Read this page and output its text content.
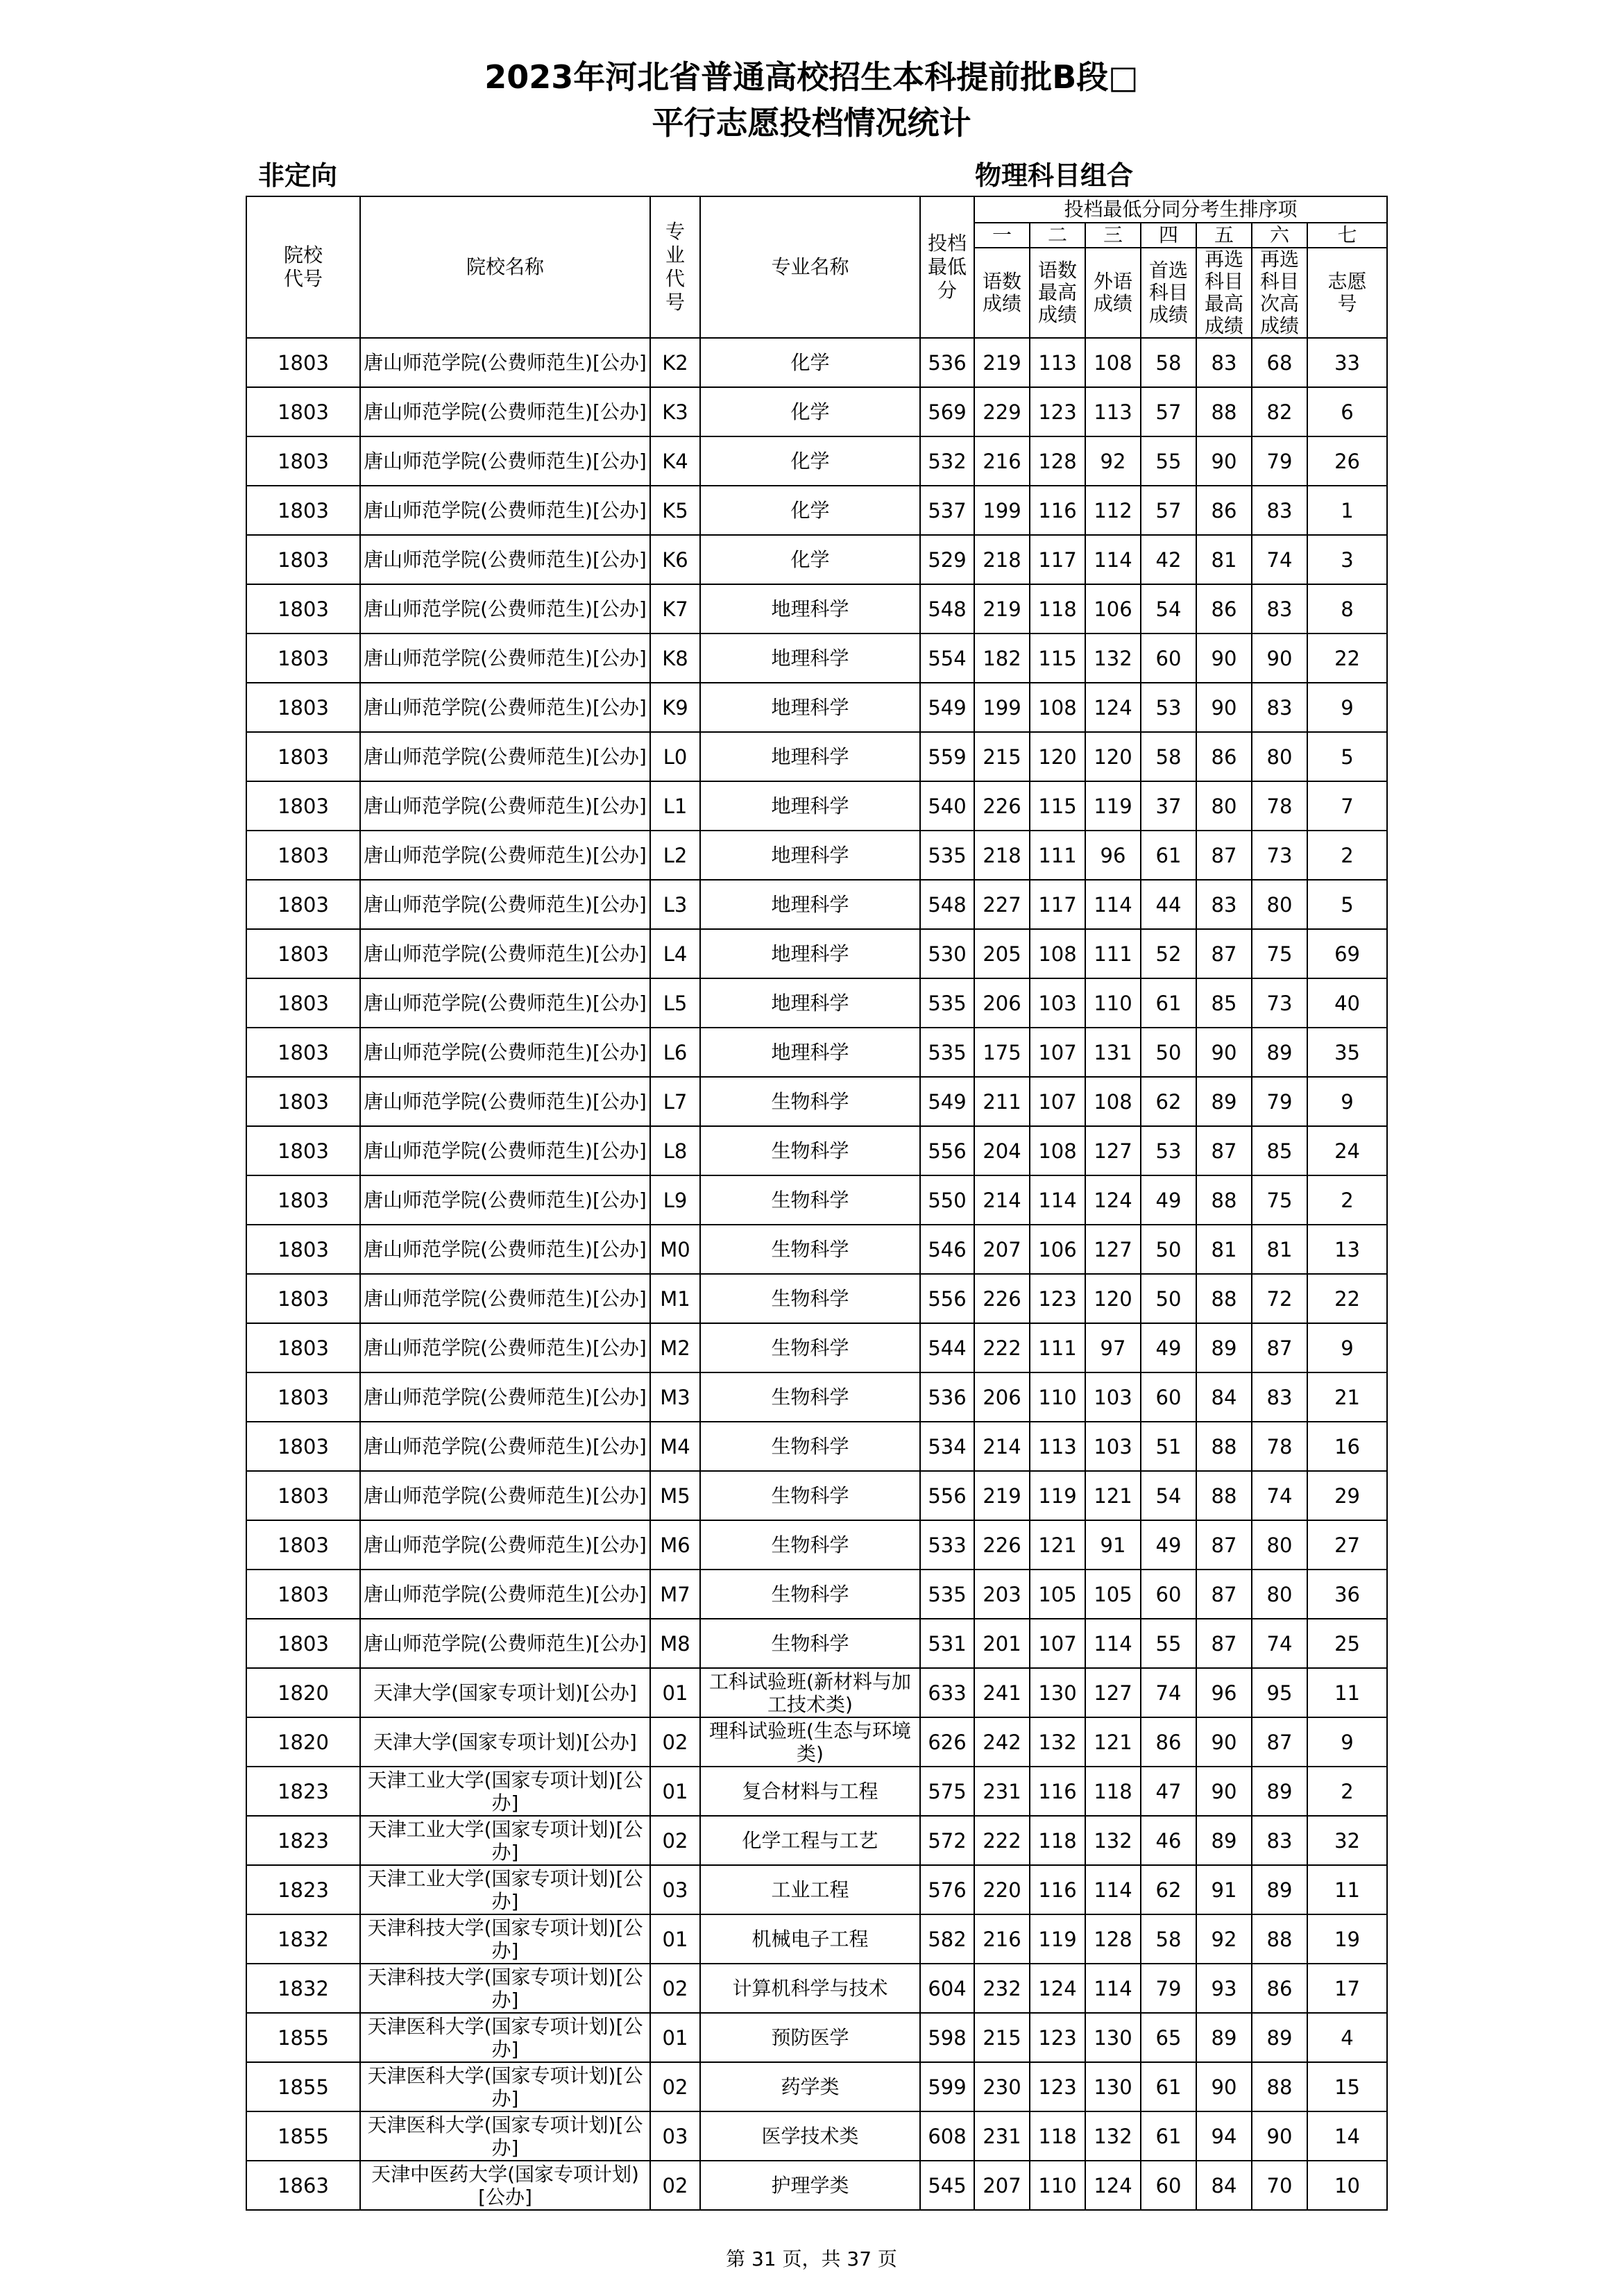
2023年河北省普通高校招生本科提前批B段□
平行志愿投档情况统计
非定向	物理科目组合
院校代号	院校名称	专业代号	专业名称	投档最低分	投档最低分同分考生排序项						
					一	二	三	四	五	六	七
					语数成绩	语数最高成绩	外语成绩	首选科目成绩	再选科目最高成绩	再选科目次高成绩	志愿号
1803	唐山师范学院(公费师范生)[公办]	K2	化学	536	219	113	108	58	83	68	33
1803	唐山师范学院(公费师范生)[公办]	K3	化学	569	229	123	113	57	88	82	6
1803	唐山师范学院(公费师范生)[公办]	K4	化学	532	216	128	92	55	90	79	26
1803	唐山师范学院(公费师范生)[公办]	K5	化学	537	199	116	112	57	86	83	1
1803	唐山师范学院(公费师范生)[公办]	K6	化学	529	218	117	114	42	81	74	3
1803	唐山师范学院(公费师范生)[公办]	K7	地理科学	548	219	118	106	54	86	83	8
1803	唐山师范学院(公费师范生)[公办]	K8	地理科学	554	182	115	132	60	90	90	22
1803	唐山师范学院(公费师范生)[公办]	K9	地理科学	549	199	108	124	53	90	83	9
1803	唐山师范学院(公费师范生)[公办]	L0	地理科学	559	215	120	120	58	86	80	5
1803	唐山师范学院(公费师范生)[公办]	L1	地理科学	540	226	115	119	37	80	78	7
1803	唐山师范学院(公费师范生)[公办]	L2	地理科学	535	218	111	96	61	87	73	2
1803	唐山师范学院(公费师范生)[公办]	L3	地理科学	548	227	117	114	44	83	80	5
1803	唐山师范学院(公费师范生)[公办]	L4	地理科学	530	205	108	111	52	87	75	69
1803	唐山师范学院(公费师范生)[公办]	L5	地理科学	535	206	103	110	61	85	73	40
1803	唐山师范学院(公费师范生)[公办]	L6	地理科学	535	175	107	131	50	90	89	35
1803	唐山师范学院(公费师范生)[公办]	L7	生物科学	549	211	107	108	62	89	79	9
1803	唐山师范学院(公费师范生)[公办]	L8	生物科学	556	204	108	127	53	87	85	24
1803	唐山师范学院(公费师范生)[公办]	L9	生物科学	550	214	114	124	49	88	75	2
1803	唐山师范学院(公费师范生)[公办]	M0	生物科学	546	207	106	127	50	81	81	13
1803	唐山师范学院(公费师范生)[公办]	M1	生物科学	556	226	123	120	50	88	72	22
1803	唐山师范学院(公费师范生)[公办]	M2	生物科学	544	222	111	97	49	89	87	9
1803	唐山师范学院(公费师范生)[公办]	M3	生物科学	536	206	110	103	60	84	83	21
1803	唐山师范学院(公费师范生)[公办]	M4	生物科学	534	214	113	103	51	88	78	16
1803	唐山师范学院(公费师范生)[公办]	M5	生物科学	556	219	119	121	54	88	74	29
1803	唐山师范学院(公费师范生)[公办]	M6	生物科学	533	226	121	91	49	87	80	27
1803	唐山师范学院(公费师范生)[公办]	M7	生物科学	535	203	105	105	60	87	80	36
1803	唐山师范学院(公费师范生)[公办]	M8	生物科学	531	201	107	114	55	87	74	25
1820	天津大学(国家专项计划)[公办]	01	工科试验班(新材料与加工技术类)	633	241	130	127	74	96	95	11
1820	天津大学(国家专项计划)[公办]	02	理科试验班(生态与环境类)	626	242	132	121	86	90	87	9
1823	天津工业大学(国家专项计划)[公办]	01	复合材料与工程	575	231	116	118	47	90	89	2
1823	天津工业大学(国家专项计划)[公办]	02	化学工程与工艺	572	222	118	132	46	89	83	32
1823	天津工业大学(国家专项计划)[公办]	03	工业工程	576	220	116	114	62	91	89	11
1832	天津科技大学(国家专项计划)[公办]	01	机械电子工程	582	216	119	128	58	92	88	19
1832	天津科技大学(国家专项计划)[公办]	02	计算机科学与技术	604	232	124	114	79	93	86	17
1855	天津医科大学(国家专项计划)[公办]	01	预防医学	598	215	123	130	65	89	89	4
1855	天津医科大学(国家专项计划)[公办]	02	药学类	599	230	123	130	61	90	88	15
1855	天津医科大学(国家专项计划)[公办]	03	医学技术类	608	231	118	132	61	94	90	14
1863	天津中医药大学(国家专项计划)[公办]	02	护理学类	545	207	110	124	60	84	70	10
第 31 页，共 37 页
